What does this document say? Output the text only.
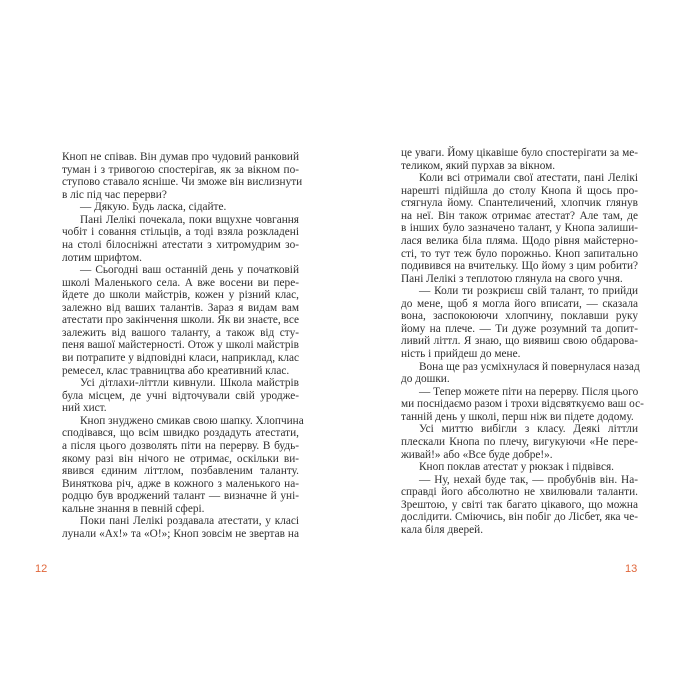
Кноп не співав. Він думав про чудовий ранковий
туман і з тривогою спостерігав, як за вікном по-
ступово ставало ясніше. Чи зможе він вислизнути
в ліс під час перерви?
— Дякую. Будь ласка, сідайте.
Пані Лелікі почекала, поки вщухне човгання
чобіт і совання стільців, а тоді взяла розкладені
на столі білосніжні атестати з хитромудрим зо-
лотим шрифтом.
— Сьогодні ваш останній день у початковій
школі Маленького села. А вже восени ви пере-
йдете до школи майстрів, кожен у різний клас,
залежно від ваших талантів. Зараз я видам вам
атестати про закінчення школи. Як ви знаєте, все
залежить від вашого таланту, а також від сту-
пеня вашої майстерності. Отож у школі майстрів
ви потрапите у відповідні класи, наприклад, клас
ремесел, клас травництва або креативний клас.
Усі дітлахи-літтли кивнули. Школа майстрів
була місцем, де учні відточували свій уродже-
ний хист.
Кноп знуджено смикав свою шапку. Хлопчина
сподівався, що всім швидко роздадуть атестати,
а після цього дозволять піти на перерву. В будь-
якому разі він нічого не отримає, оскільки ви-
явився єдиним літтлом, позбавленим таланту.
Виняткова річ, адже в кожного з маленького на-
родцю був вроджений талант — визначне й уні-
кальне знання в певній сфері.
Поки пані Лелікі роздавала атестати, у класі
лунали «Ах!» та «О!»; Кноп зовсім не звертав на
це уваги. Йому цікавіше було спостерігати за ме-
теликом, який пурхав за вікном.
Коли всі отримали свої атестати, пані Лелікі
нарешті підійшла до столу Кнопа й щось про-
стягнула йому. Спантеличений, хлопчик глянув
на неї. Він також отримає атестат? Але там, де
в інших було зазначено талант, у Кнопа залиши-
лася велика біла пляма. Щодо рівня майстерно-
сті, то тут теж було порожньо. Кноп запитально
подивився на вчительку. Що йому з цим робити?
Пані Лелікі з теплотою глянула на свого учня.
— Коли ти розкриєш свій талант, то прийди
до мене, щоб я могла його вписати, — сказала
вона, заспокоюючи хлопчину, поклавши руку
йому на плече. — Ти дуже розумний та допит-
ливий літтл. Я знаю, що виявиш свою обдарова-
ність і прийдеш до мене.
Вона ще раз усміхнулася й повернулася назад
до дошки.
— Тепер можете піти на перерву. Після цього
ми поснідаємо разом і трохи відсвяткуємо ваш ос-
танній день у школі, перш ніж ви підете додому.
Усі миттю вибігли з класу. Деякі літтли
плескали Кнопа по плечу, вигукуючи «Не пере-
живай!» або «Все буде добре!».
Кноп поклав атестат у рюкзак і підвівся.
— Ну, нехай буде так, — пробубнів він. На-
справді його абсолютно не хвилювали таланти.
Зрештою, у світі так багато цікавого, що можна
дослідити. Сміючись, він побіг до Лісбет, яка че-
кала біля дверей.
12	13
